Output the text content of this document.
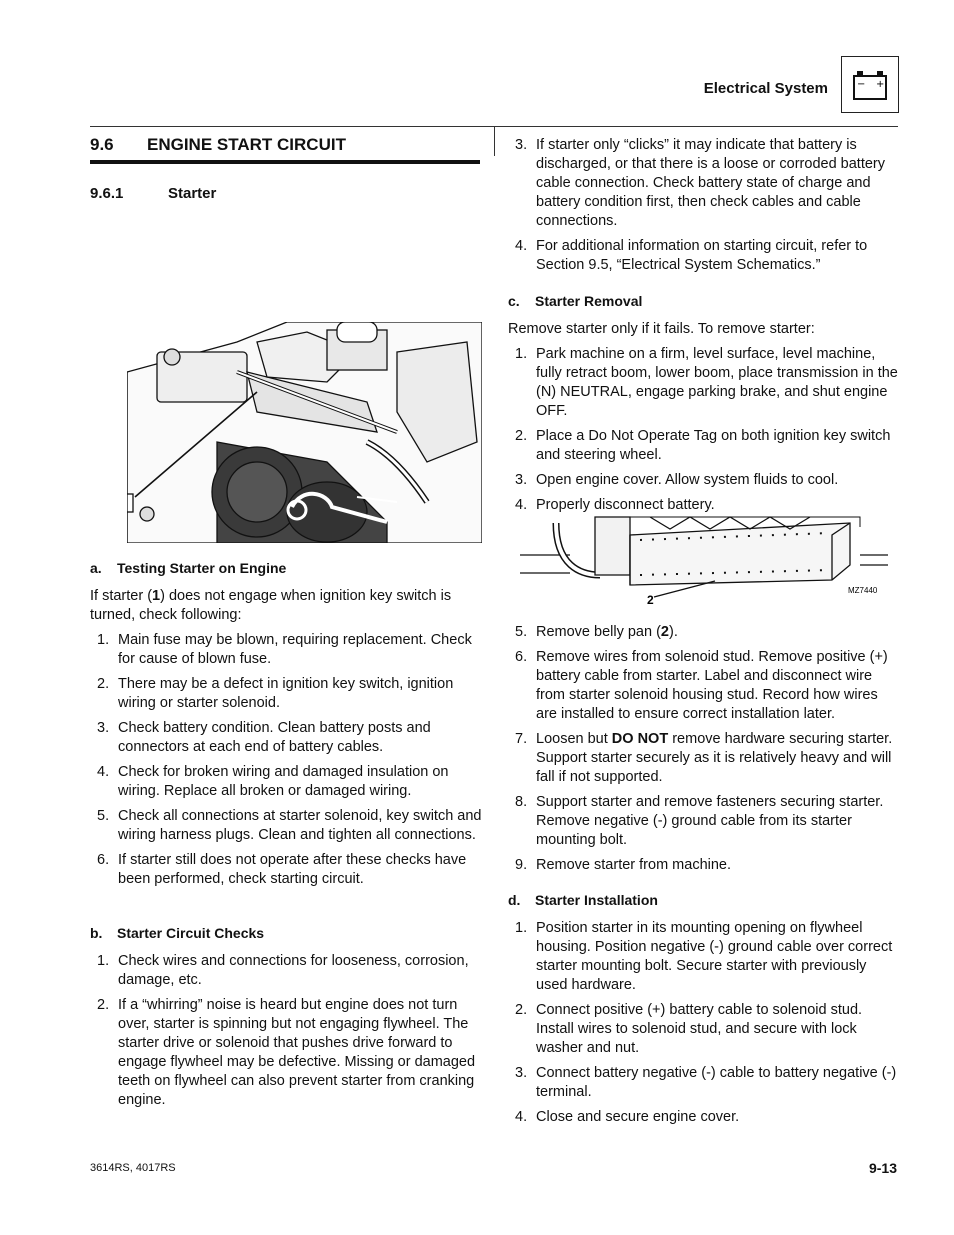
Electrical System	− +
9.6 ENGINE START CIRCUIT
9.6.1	Starter
a. Testing Starter on Engine
If starter (1) does not engage when ignition key switch is turned, check following:
1. Main fuse may be blown, requiring replacement. Check for cause of blown fuse.
2. There may be a defect in ignition key switch, ignition wiring or starter solenoid.
3. Check battery condition. Clean battery posts and connectors at each end of battery cables.
4. Check for broken wiring and damaged insulation on wiring. Replace all broken or damaged wiring.
5. Check all connections at starter solenoid, key switch and wiring harness plugs. Clean and tighten all connections.
6. If starter still does not operate after these checks have been performed, check starting circuit.
b. Starter Circuit Checks
1. Check wires and connections for looseness, corrosion, damage, etc.
2. If a “whirring” noise is heard but engine does not turn over, starter is spinning but not engaging flywheel. The starter drive or solenoid that pushes drive forward to engage flywheel may be defective. Missing or damaged teeth on flywheel can also prevent starter from cranking engine.
3. If starter only “clicks” it may indicate that battery is discharged, or that there is a loose or corroded battery cable connection. Check battery state of charge and battery condition first, then check cables and cable connections.
4. For additional information on starting circuit, refer to Section 9.5, “Electrical System Schematics.”
c. Starter Removal
Remove starter only if it fails. To remove starter:
1. Park machine on a firm, level surface, level machine, fully retract boom, lower boom, place transmission in the (N) NEUTRAL, engage parking brake, and shut engine OFF.
2. Place a Do Not Operate Tag on both ignition key switch and steering wheel.
3. Open engine cover. Allow system fluids to cool.
4. Properly disconnect battery.
2
MZ7440
5. Remove belly pan (2).
6. Remove wires from solenoid stud. Remove positive (+) battery cable from starter. Label and disconnect wire from starter solenoid housing stud. Record how wires are installed to ensure correct installation later.
7. Loosen but DO NOT remove hardware securing starter. Support starter securely as it is relatively heavy and will fall if not supported.
8. Support starter and remove fasteners securing starter. Remove negative (-) ground cable from its starter mounting bolt.
9. Remove starter from machine.
d. Starter Installation
1. Position starter in its mounting opening on flywheel housing. Position negative (-) ground cable over correct starter mounting bolt. Secure starter with previously used hardware.
2. Connect positive (+) battery cable to solenoid stud. Install wires to solenoid stud, and secure with lock washer and nut.
3. Connect battery negative (-) cable to battery negative (-) terminal.
4. Close and secure engine cover.
3614RS, 4017RS	9-13
